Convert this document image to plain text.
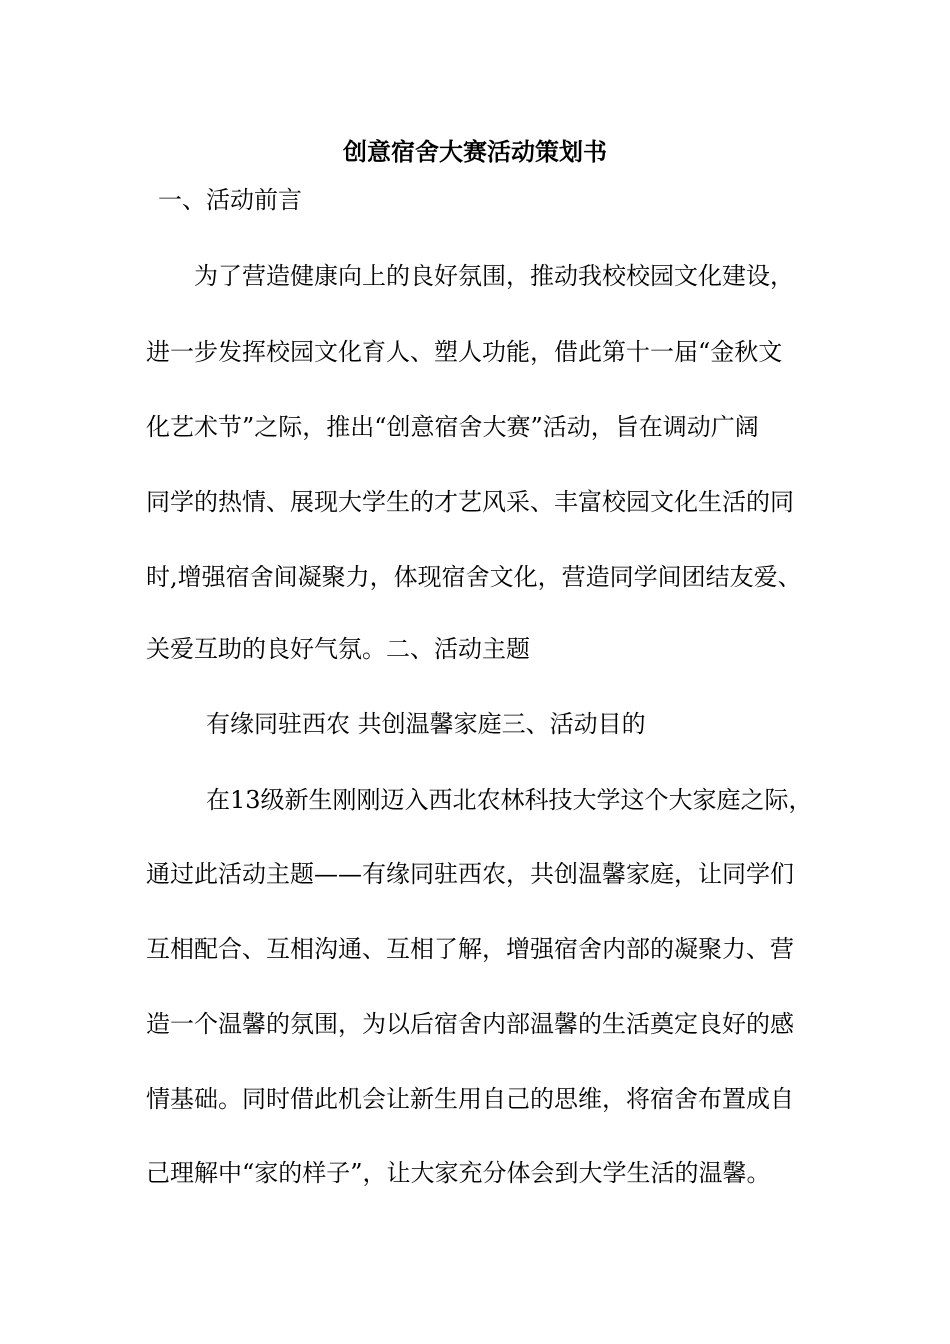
创意宿舍大赛活动策划书

一、活动前言

为了营造健康向上的良好氛围，推动我校校园文化建设，

进一步发挥校园文化育人、塑人功能，借此第十一届“金秋文

化艺术节”之际，推出“创意宿舍大赛”活动，旨在调动广阔

同学的热情、展现大学生的才艺风采、丰富校园文化生活的同

时,增强宿舍间凝聚力，体现宿舍文化，营造同学间团结友爱、

关爱互助的良好气氛。二、活动主题

有缘同驻西农 共创温馨家庭三、活动目的

在13级新生刚刚迈入西北农林科技大学这个大家庭之际，

通过此活动主题——有缘同驻西农，共创温馨家庭，让同学们

互相配合、互相沟通、互相了解，增强宿舍内部的凝聚力、营

造一个温馨的氛围，为以后宿舍内部温馨的生活奠定良好的感

情基础。同时借此机会让新生用自己的思维，将宿舍布置成自

己理解中“家的样子”，让大家充分体会到大学生活的温馨。
